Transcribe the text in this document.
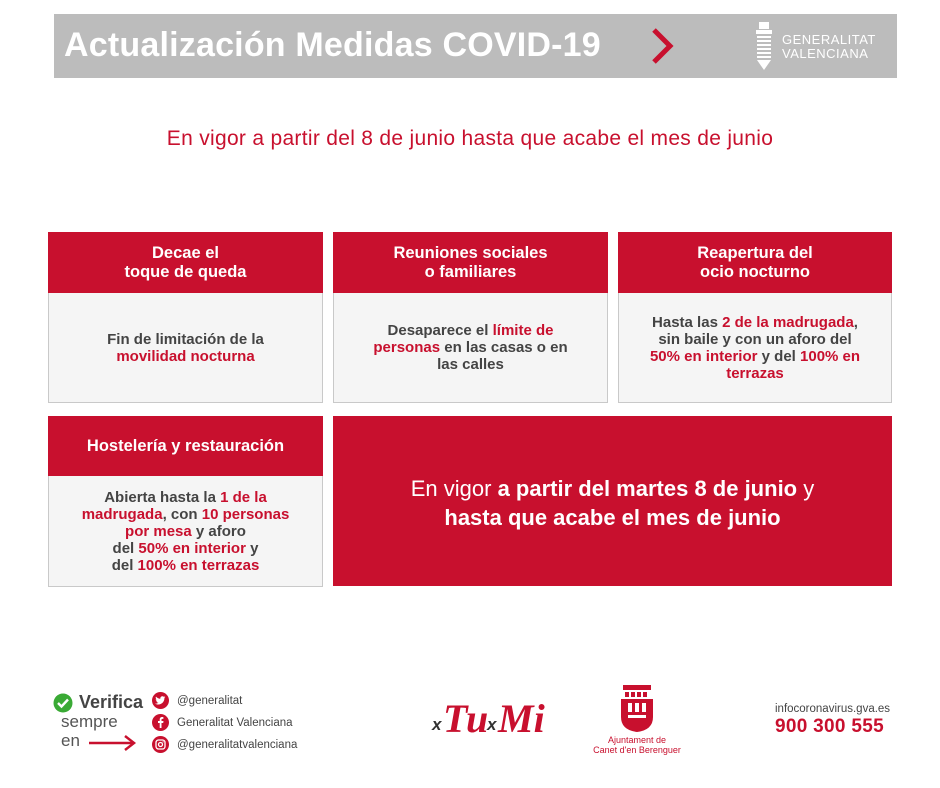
Actualización Medidas COVID-19	GENERALITAT
VALENCIANA
En vigor a partir del 8 de junio hasta que acabe el mes de junio
Decae el
toque de queda
Fin de limitación de la
movilidad nocturna
Reuniones sociales
o familiares
Desaparece el límite de
personas en las casas o en
las calles
Reapertura del
ocio nocturno
Hasta las 2 de la madrugada,
sin baile y con un aforo del
50% en interior y del 100% en
terrazas
Hostelería y restauración
Abierta hasta la 1 de la
madrugada, con 10 personas
por mesa y aforo
del 50% en interior y
del 100% en terrazas
En vigor a partir del martes 8 de junio y
hasta que acabe el mes de junio
Verifica
sempre
en
@generalitat
Generalitat Valenciana
@generalitatvalenciana
x Tu
x Mi	Ajuntament de
Canet d'en Berenguer
infocoronavirus.gva.es
900 300 555
